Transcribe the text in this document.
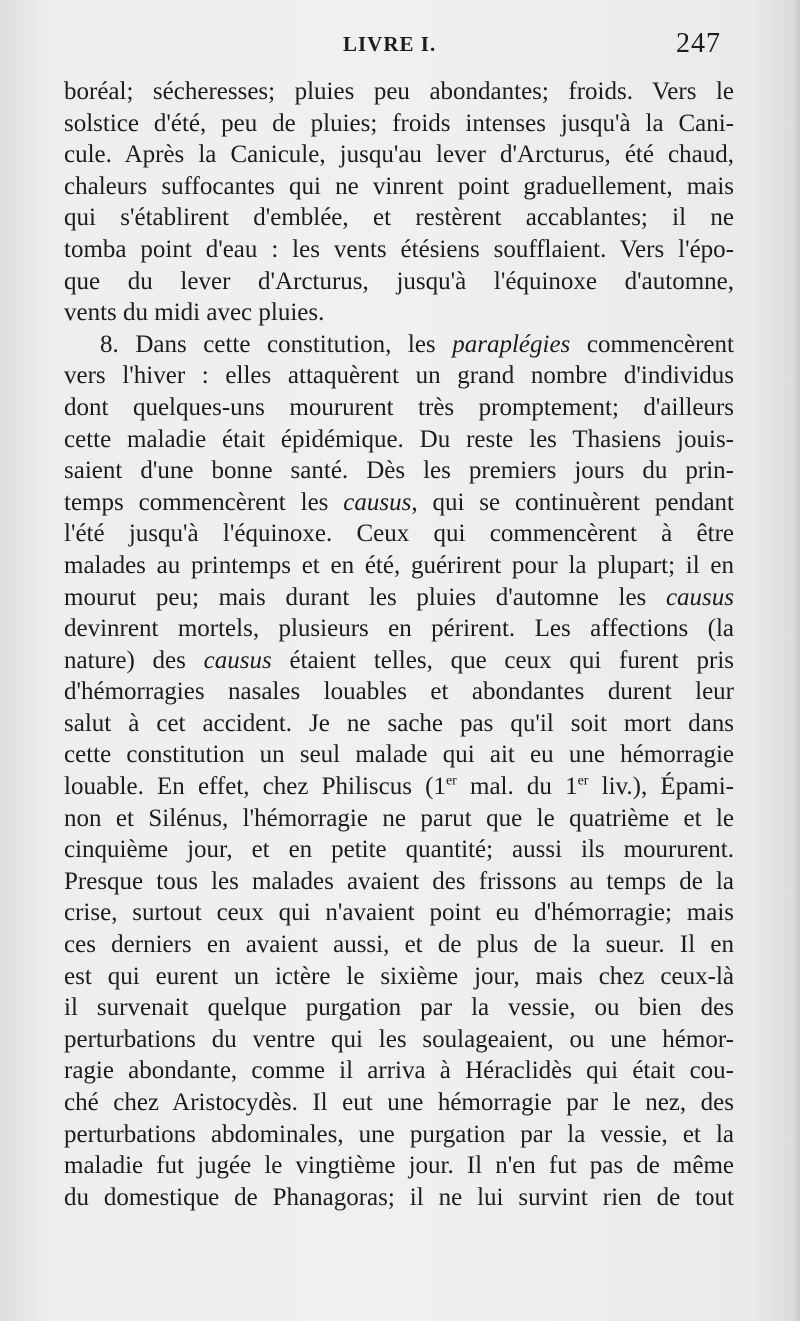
LIVRE I.	247
boréal; sécheresses; pluies peu abondantes; froids. Vers le
solstice d'été, peu de pluies; froids intenses jusqu'à la Cani-
cule. Après la Canicule, jusqu'au lever d'Arcturus, été chaud,
chaleurs suffocantes qui ne vinrent point graduellement, mais
qui s'établirent d'emblée, et restèrent accablantes; il ne
tomba point d'eau : les vents étésiens soufflaient. Vers l'épo-
que du lever d'Arcturus, jusqu'à l'équinoxe d'automne,
vents du midi avec pluies.
8. Dans cette constitution, les paraplégies commencèrent
vers l'hiver : elles attaquèrent un grand nombre d'individus
dont quelques-uns moururent très promptement; d'ailleurs
cette maladie était épidémique. Du reste les Thasiens jouis-
saient d'une bonne santé. Dès les premiers jours du prin-
temps commencèrent les causus, qui se continuèrent pendant
l'été jusqu'à l'équinoxe. Ceux qui commencèrent à être
malades au printemps et en été, guérirent pour la plupart; il en
mourut peu; mais durant les pluies d'automne les causus
devinrent mortels, plusieurs en périrent. Les affections (la
nature) des causus étaient telles, que ceux qui furent pris
d'hémorragies nasales louables et abondantes durent leur
salut à cet accident. Je ne sache pas qu'il soit mort dans
cette constitution un seul malade qui ait eu une hémorragie
louable. En effet, chez Philiscus (1er mal. du 1er liv.), Épami-
non et Silénus, l'hémorragie ne parut que le quatrième et le
cinquième jour, et en petite quantité; aussi ils moururent.
Presque tous les malades avaient des frissons au temps de la
crise, surtout ceux qui n'avaient point eu d'hémorragie; mais
ces derniers en avaient aussi, et de plus de la sueur. Il en
est qui eurent un ictère le sixième jour, mais chez ceux-là
il survenait quelque purgation par la vessie, ou bien des
perturbations du ventre qui les soulageaient, ou une hémor-
ragie abondante, comme il arriva à Héraclidès qui était cou-
ché chez Aristocydès. Il eut une hémorragie par le nez, des
perturbations abdominales, une purgation par la vessie, et la
maladie fut jugée le vingtième jour. Il n'en fut pas de même
du domestique de Phanagoras; il ne lui survint rien de tout
